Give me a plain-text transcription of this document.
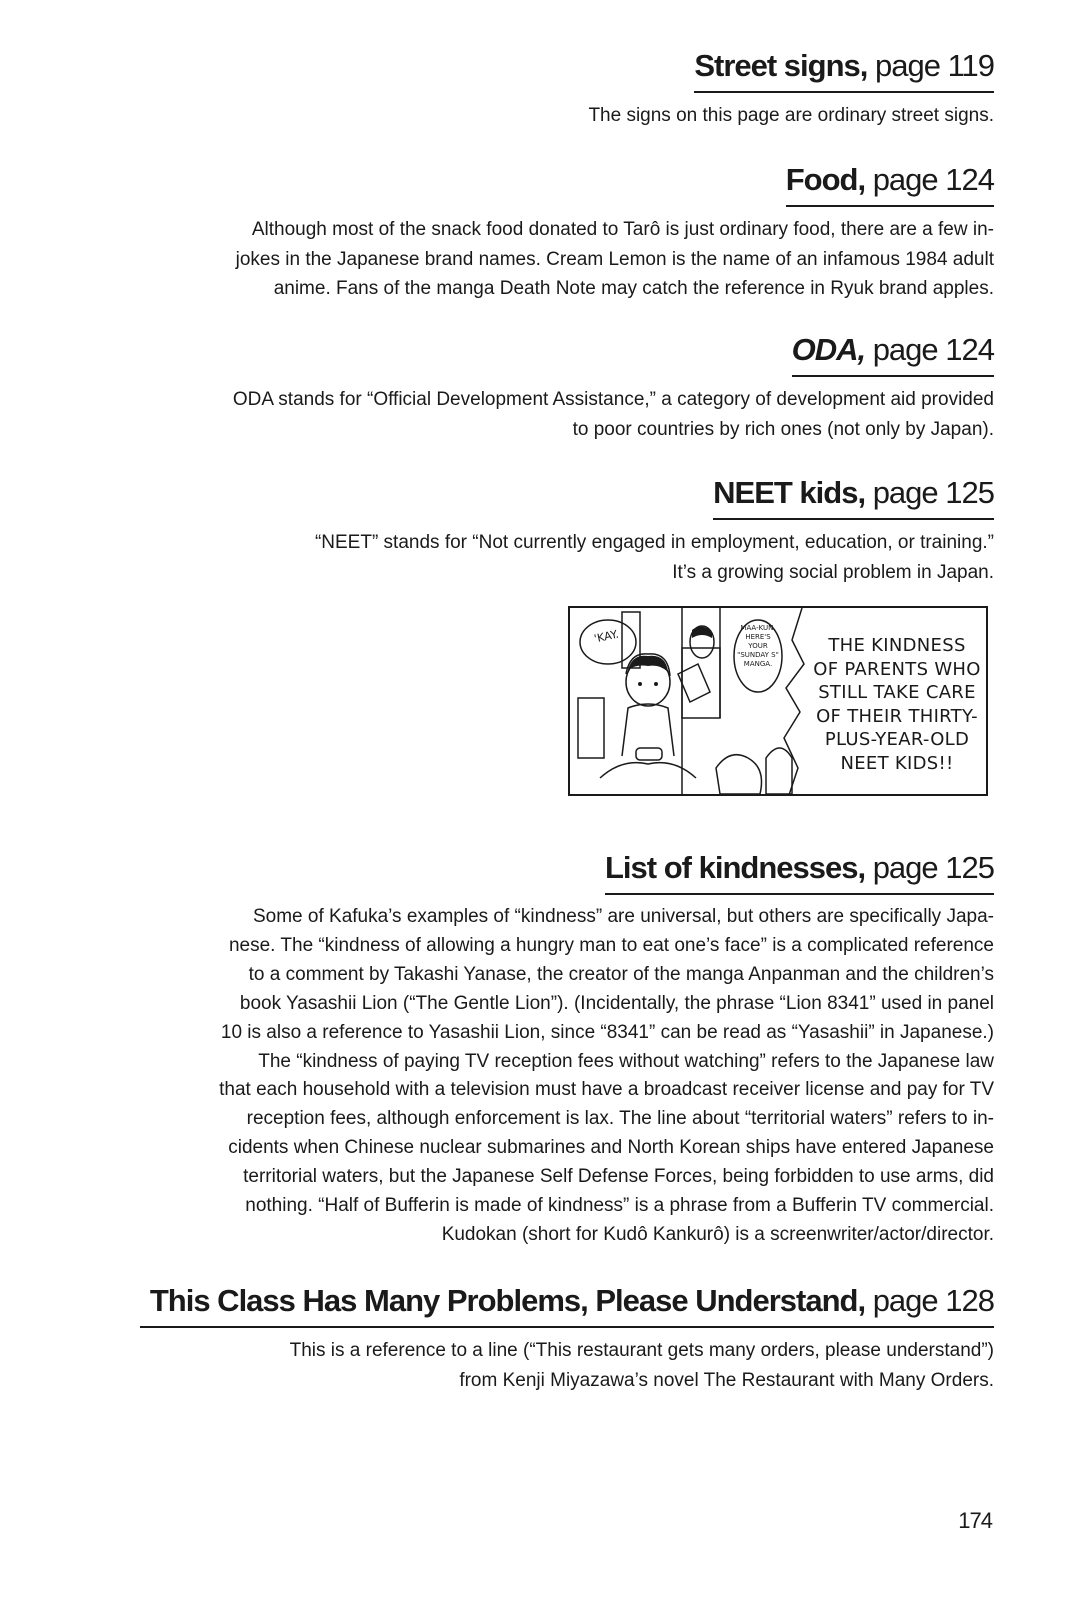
Street signs, page 119
The signs on this page are ordinary street signs.
Food, page 124
Although most of the snack food donated to Tarô is just ordinary food, there are a few in-
jokes in the Japanese brand names. Cream Lemon is the name of an infamous 1984 adult
anime. Fans of the manga Death Note may catch the reference in Ryuk brand apples.
ODA, page 124
ODA stands for “Official Development Assistance,” a category of development aid provided
to poor countries by rich ones (not only by Japan).
NEET kids, page 125
“NEET” stands for “Not currently engaged in employment, education, or training.”
It’s a growing social problem in Japan.
'KAY.	MAA-KUN,
HERE'S
YOUR
"SUNDAY S"
MANGA.
THE KINDNESS
OF PARENTS WHO
STILL TAKE CARE
OF THEIR THIRTY-
PLUS-YEAR-OLD
NEET KIDS!!
List of kindnesses, page 125
Some of Kafuka’s examples of “kindness” are universal, but others are specifically Japa-
nese. The “kindness of allowing a hungry man to eat one’s face” is a complicated reference
to a comment by Takashi Yanase, the creator of the manga Anpanman and the children’s
book Yasashii Lion (“The Gentle Lion”). (Incidentally, the phrase “Lion 8341” used in panel
10 is also a reference to Yasashii Lion, since “8341” can be read as “Yasashii” in Japanese.)
The “kindness of paying TV reception fees without watching” refers to the Japanese law
that each household with a television must have a broadcast receiver license and pay for TV
reception fees, although enforcement is lax. The line about “territorial waters” refers to in-
cidents when Chinese nuclear submarines and North Korean ships have entered Japanese
territorial waters, but the Japanese Self Defense Forces, being forbidden to use arms, did
nothing. “Half of Bufferin is made of kindness” is a phrase from a Bufferin TV commercial.
Kudokan (short for Kudô Kankurô) is a screenwriter/actor/director.
This Class Has Many Problems, Please Understand, page 128
This is a reference to a line (“This restaurant gets many orders, please understand”)
from Kenji Miyazawa’s novel The Restaurant with Many Orders.
174
